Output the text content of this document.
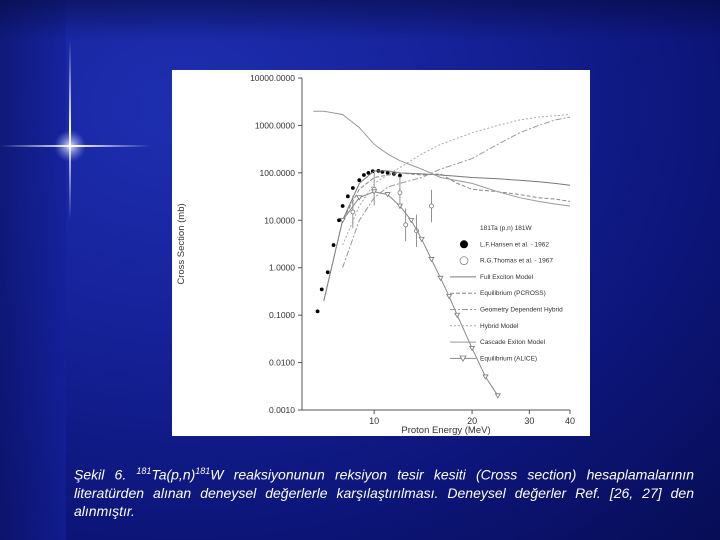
10000.0000
1000.0000
100.0000
10.0000
1.0000
0.1000
0.0100
0.0010
10	20	30	40
Proton Energy (MeV)
Cross Section (mb)	181Ta (p,n) 181W
L.F.Hansen et al. - 1962
R.G.Thomas et al. - 1967
Full Exciton Model
Equilibrium (PCROSS)
Geometry Dependent Hybrid
Hybrid Model
Cascade Exiton Model
Equilibrium (ALICE)

Şekil 6. $^{181}Ta(p,n)^{181}W$ reaksiyonunun reksiyon tesir kesiti (Cross section) hesaplamalarının literatürden alınan deneysel değerlerle karşılaştırılması. Deneysel değerler Ref. [26, 27] den alınmıştır.
